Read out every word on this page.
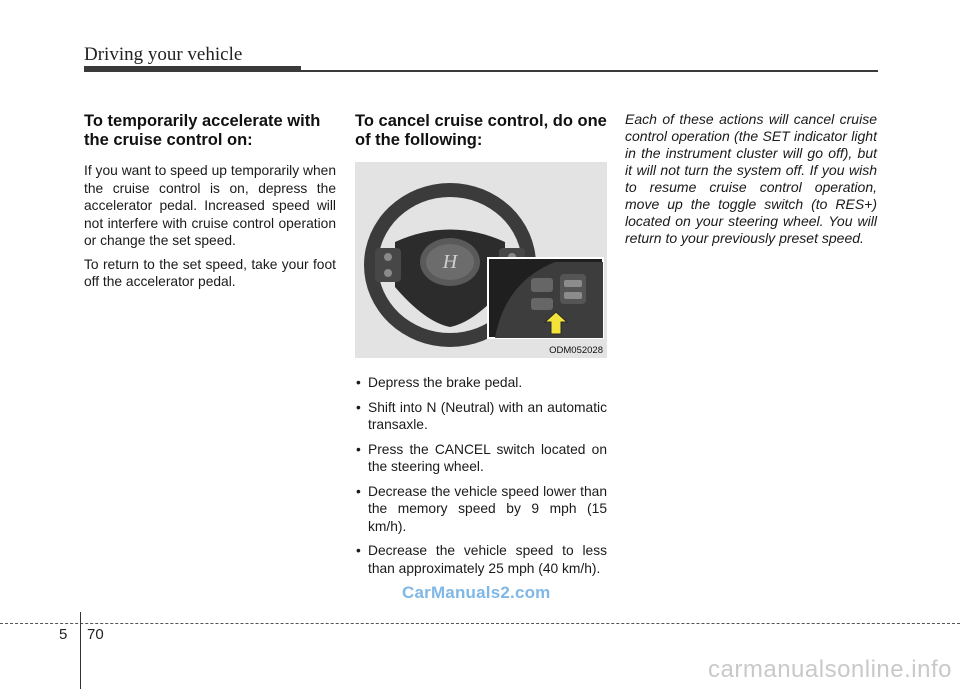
Driving your vehicle
To temporarily accelerate with the cruise control on:

If you want to speed up temporarily when the cruise control is on, depress the accelerator pedal. Increased speed will not interfere with cruise control operation or change the set speed.

To return to the set speed, take your foot off the accelerator pedal.

To cancel cruise control, do one of the following:
H
ODM052028
• Depress the brake pedal.
• Shift into N (Neutral) with an automatic transaxle.
• Press the CANCEL switch located on the steering wheel.
• Decrease the vehicle speed lower than the memory speed by 9 mph (15 km/h).
• Decrease the vehicle speed to less than approximately 25 mph (40 km/h).

Each of these actions will cancel cruise control operation (the SET indicator light in the instrument cluster will go off), but it will not turn the system off. If you wish to resume cruise control operation, move up the toggle switch (to RES+) located on your steering wheel. You will return to your previously preset speed.

CarManuals2.com
5 70
carmanualsonline.info
